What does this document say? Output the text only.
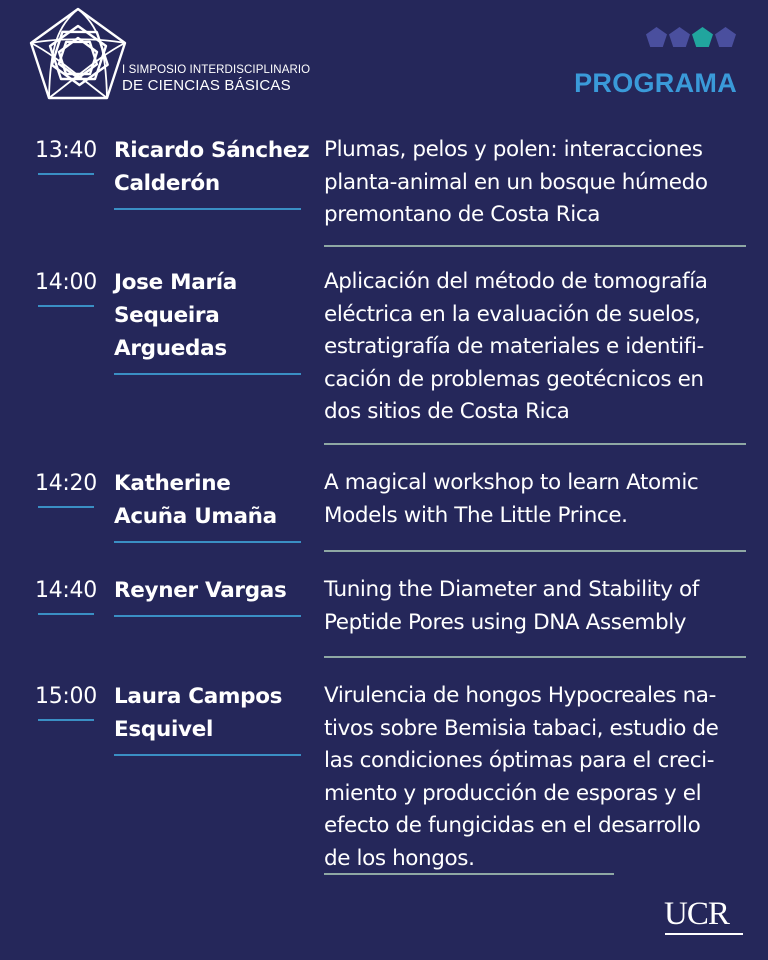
I SIMPOSIO INTERDISCIPLINARIO
DE CIENCIAS BÁSICAS	PROGRAMA
13:40 Ricardo Sánchez
Calderón
Plumas, pelos y polen: interacciones
planta-animal en un bosque húmedo
premontano de Costa Rica
14:00 Jose María
Sequeira
Arguedas
Aplicación del método de tomografía
eléctrica en la evaluación de suelos,
estratigrafía de materiales e identifi-
cación de problemas geotécnicos en
dos sitios de Costa Rica
14:20 Katherine
Acuña Umaña
A magical workshop to learn Atomic
Models with The Little Prince.
14:40 Reyner Vargas	Tuning the Diameter and Stability of
Peptide Pores using DNA Assembly
15:00 Laura Campos
Esquivel
Virulencia de hongos Hypocreales na-
tivos sobre Bemisia tabaci, estudio de
las condiciones óptimas para el creci-
miento y producción de esporas y el
efecto de fungicidas en el desarrollo
de los hongos.
UCR
